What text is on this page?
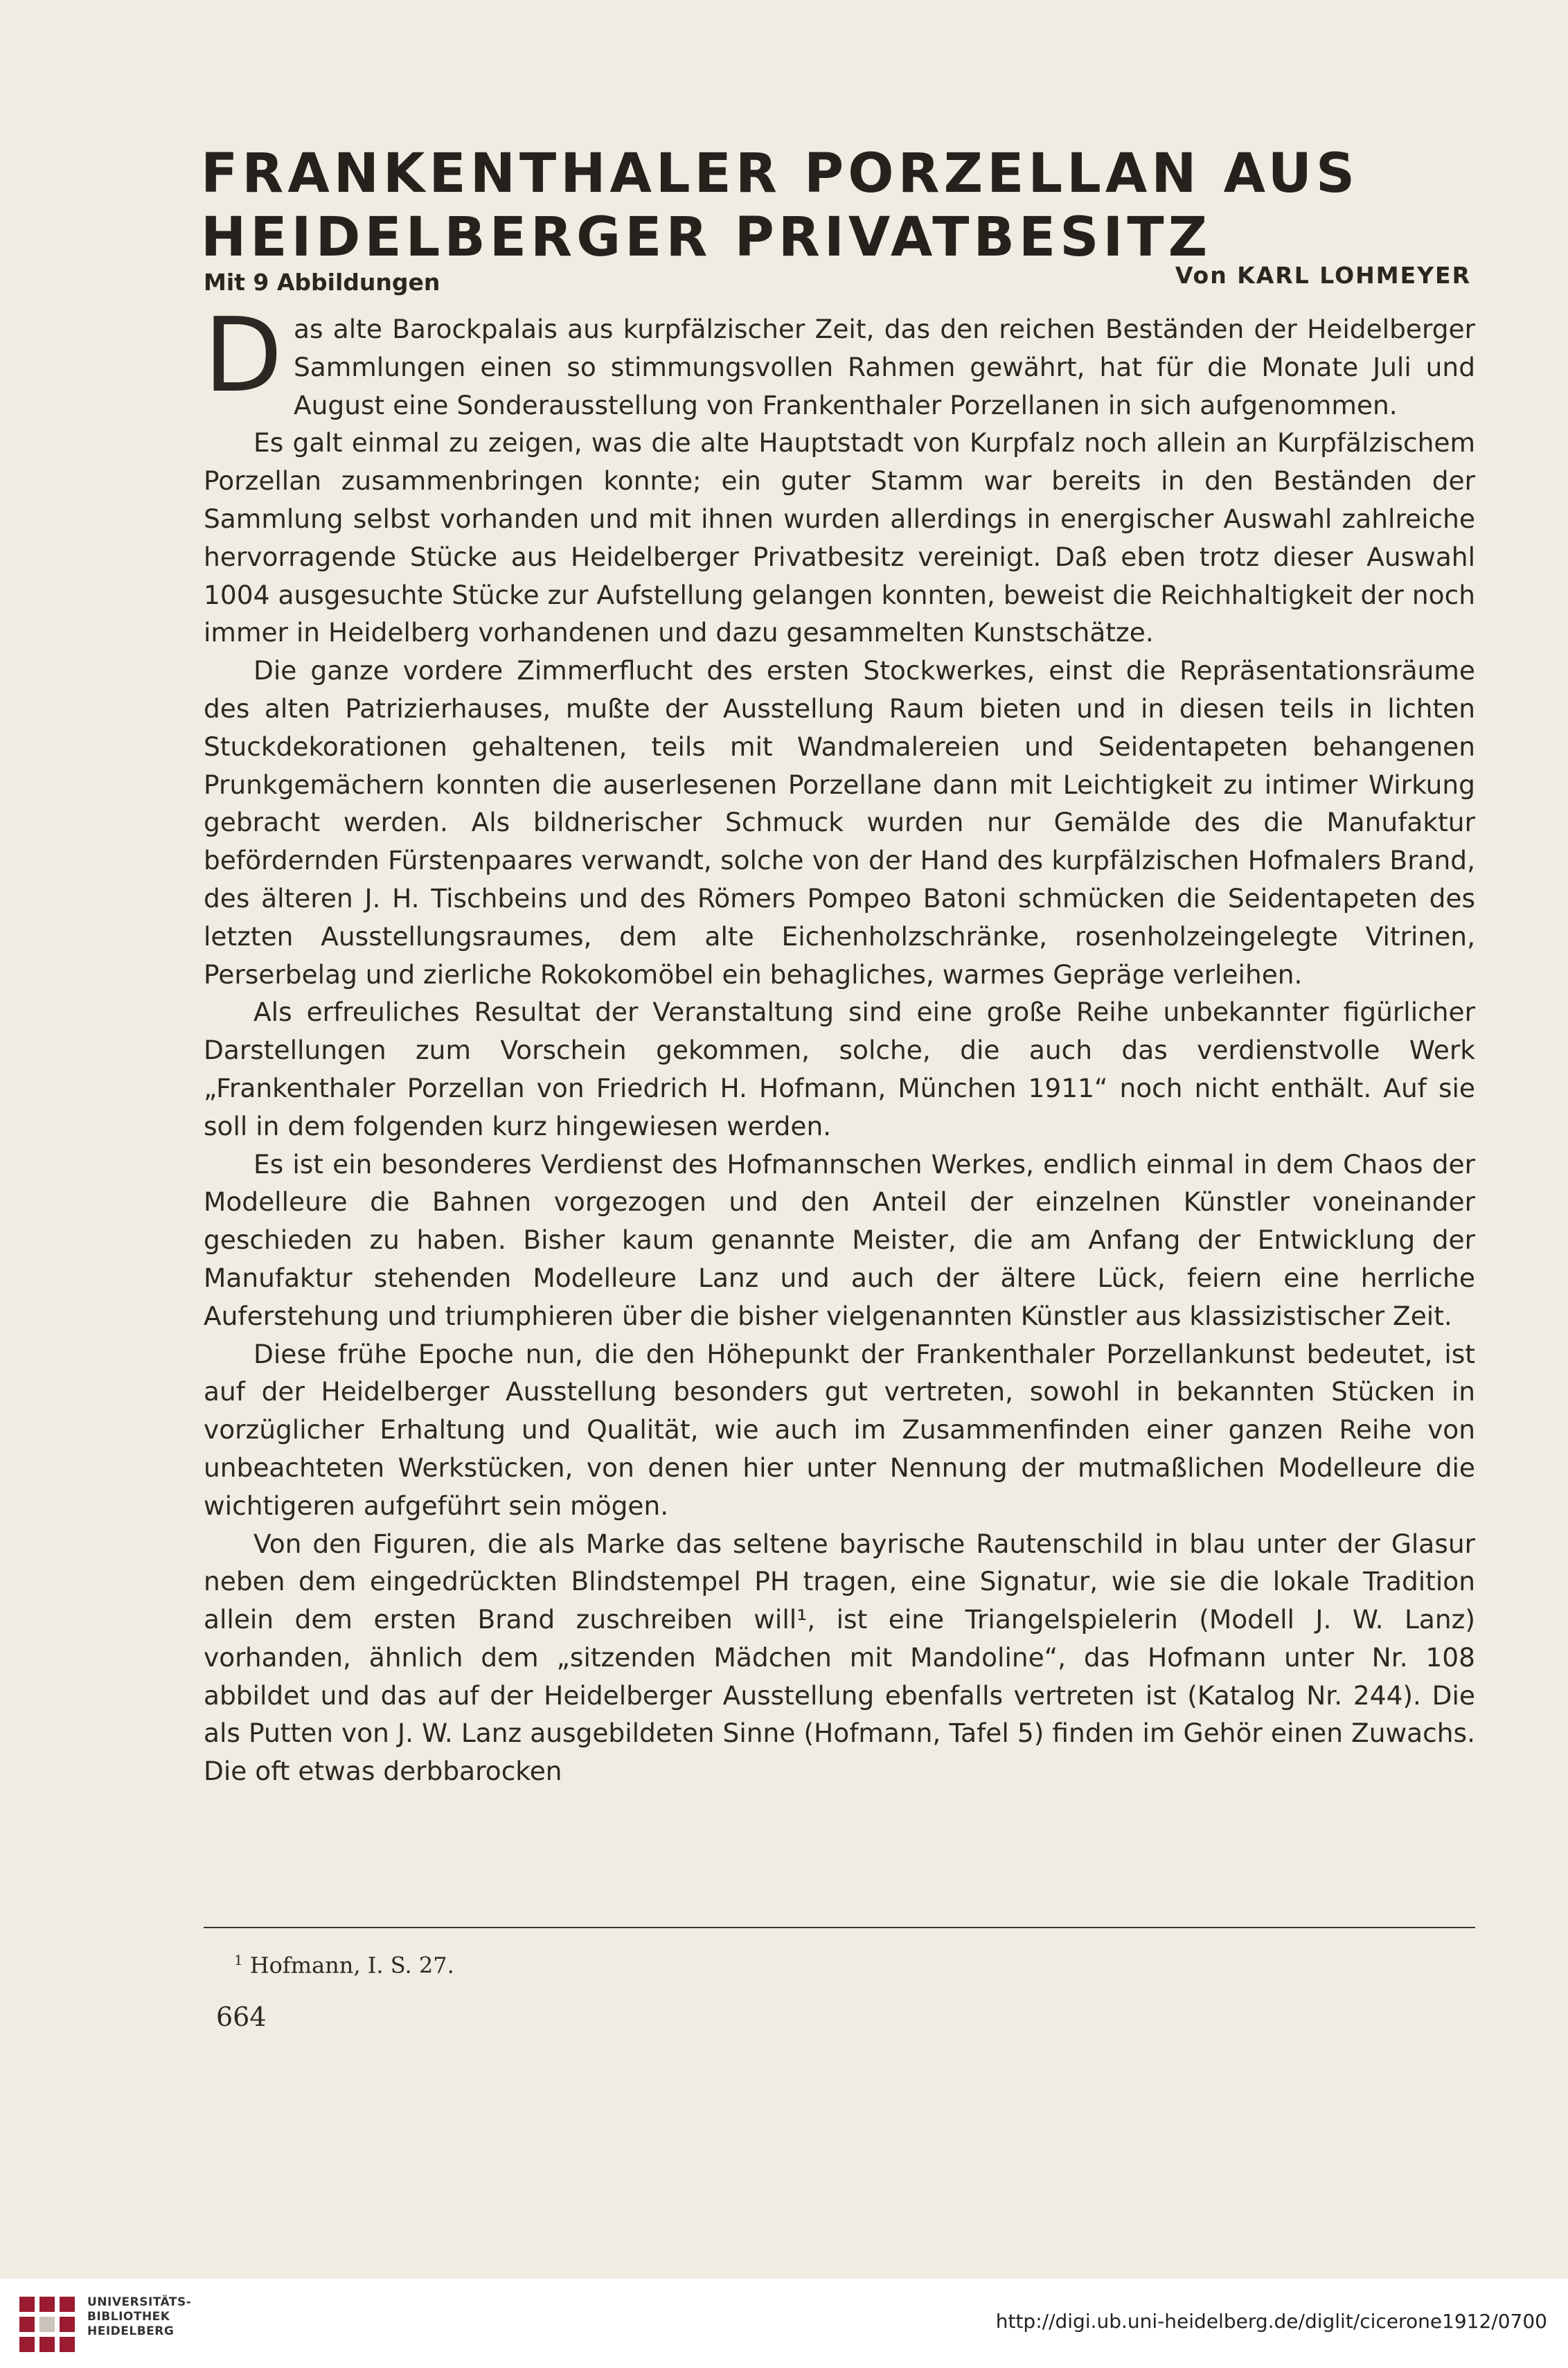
FRANKENTHALER PORZELLAN AUS
HEIDELBERGER PRIVATBESITZ
Mit 9 Abbildungen	Von KARL LOHMEYER

Das alte Barockpalais aus kurpfälzischer Zeit, das den reichen Beständen der Heidelberger Sammlungen einen so stimmungsvollen Rahmen gewährt, hat für die Monate Juli und August eine Sonderausstellung von Frankenthaler Porzellanen in sich aufgenommen.

Es galt einmal zu zeigen, was die alte Hauptstadt von Kurpfalz noch allein an Kurpfälzischem Porzellan zusammenbringen konnte; ein guter Stamm war bereits in den Beständen der Sammlung selbst vorhanden und mit ihnen wurden allerdings in energischer Auswahl zahlreiche hervorragende Stücke aus Heidelberger Privatbesitz vereinigt. Daß eben trotz dieser Auswahl 1004 ausgesuchte Stücke zur Aufstellung gelangen konnten, beweist die Reichhaltigkeit der noch immer in Heidelberg vorhandenen und dazu gesammelten Kunstschätze.

Die ganze vordere Zimmerflucht des ersten Stockwerkes, einst die Repräsentationsräume des alten Patrizierhauses, mußte der Ausstellung Raum bieten und in diesen teils in lichten Stuckdekorationen gehaltenen, teils mit Wandmalereien und Seidentapeten behangenen Prunkgemächern konnten die auserlesenen Porzellane dann mit Leichtigkeit zu intimer Wirkung gebracht werden. Als bildnerischer Schmuck wurden nur Gemälde des die Manufaktur befördernden Fürstenpaares verwandt, solche von der Hand des kurpfälzischen Hofmalers Brand, des älteren J. H. Tischbeins und des Römers Pompeo Batoni schmücken die Seidentapeten des letzten Ausstellungsraumes, dem alte Eichenholzschränke, rosenholzeingelegte Vitrinen, Perserbelag und zierliche Rokokomöbel ein behagliches, warmes Gepräge verleihen.

Als erfreuliches Resultat der Veranstaltung sind eine große Reihe unbekannter figürlicher Darstellungen zum Vorschein gekommen, solche, die auch das verdienstvolle Werk „Frankenthaler Porzellan von Friedrich H. Hofmann, München 1911“ noch nicht enthält. Auf sie soll in dem folgenden kurz hingewiesen werden.

Es ist ein besonderes Verdienst des Hofmannschen Werkes, endlich einmal in dem Chaos der Modelleure die Bahnen vorgezogen und den Anteil der einzelnen Künstler voneinander geschieden zu haben. Bisher kaum genannte Meister, die am Anfang der Entwicklung der Manufaktur stehenden Modelleure Lanz und auch der ältere Lück, feiern eine herrliche Auferstehung und triumphieren über die bisher vielgenannten Künstler aus klassizistischer Zeit.

Diese frühe Epoche nun, die den Höhepunkt der Frankenthaler Porzellankunst bedeutet, ist auf der Heidelberger Ausstellung besonders gut vertreten, sowohl in bekannten Stücken in vorzüglicher Erhaltung und Qualität, wie auch im Zusammenfinden einer ganzen Reihe von unbeachteten Werkstücken, von denen hier unter Nennung der mutmaßlichen Modelleure die wichtigeren aufgeführt sein mögen.

Von den Figuren, die als Marke das seltene bayrische Rautenschild in blau unter der Glasur neben dem eingedrückten Blindstempel PH tragen, eine Signatur, wie sie die lokale Tradition allein dem ersten Brand zuschreiben will¹, ist eine Triangelspielerin (Modell J. W. Lanz) vorhanden, ähnlich dem „sitzenden Mädchen mit Mandoline“, das Hofmann unter Nr. 108 abbildet und das auf der Heidelberger Ausstellung ebenfalls vertreten ist (Katalog Nr. 244). Die als Putten von J. W. Lanz ausgebildeten Sinne (Hofmann, Tafel 5) finden im Gehör einen Zuwachs. Die oft etwas derbbarocken

$^1$ Hofmann, I. S. 27.
664
UNIVERSITÄTS-
BIBLIOTHEK
HEIDELBERG	http://digi.ub.uni-heidelberg.de/diglit/cicerone1912/0700
